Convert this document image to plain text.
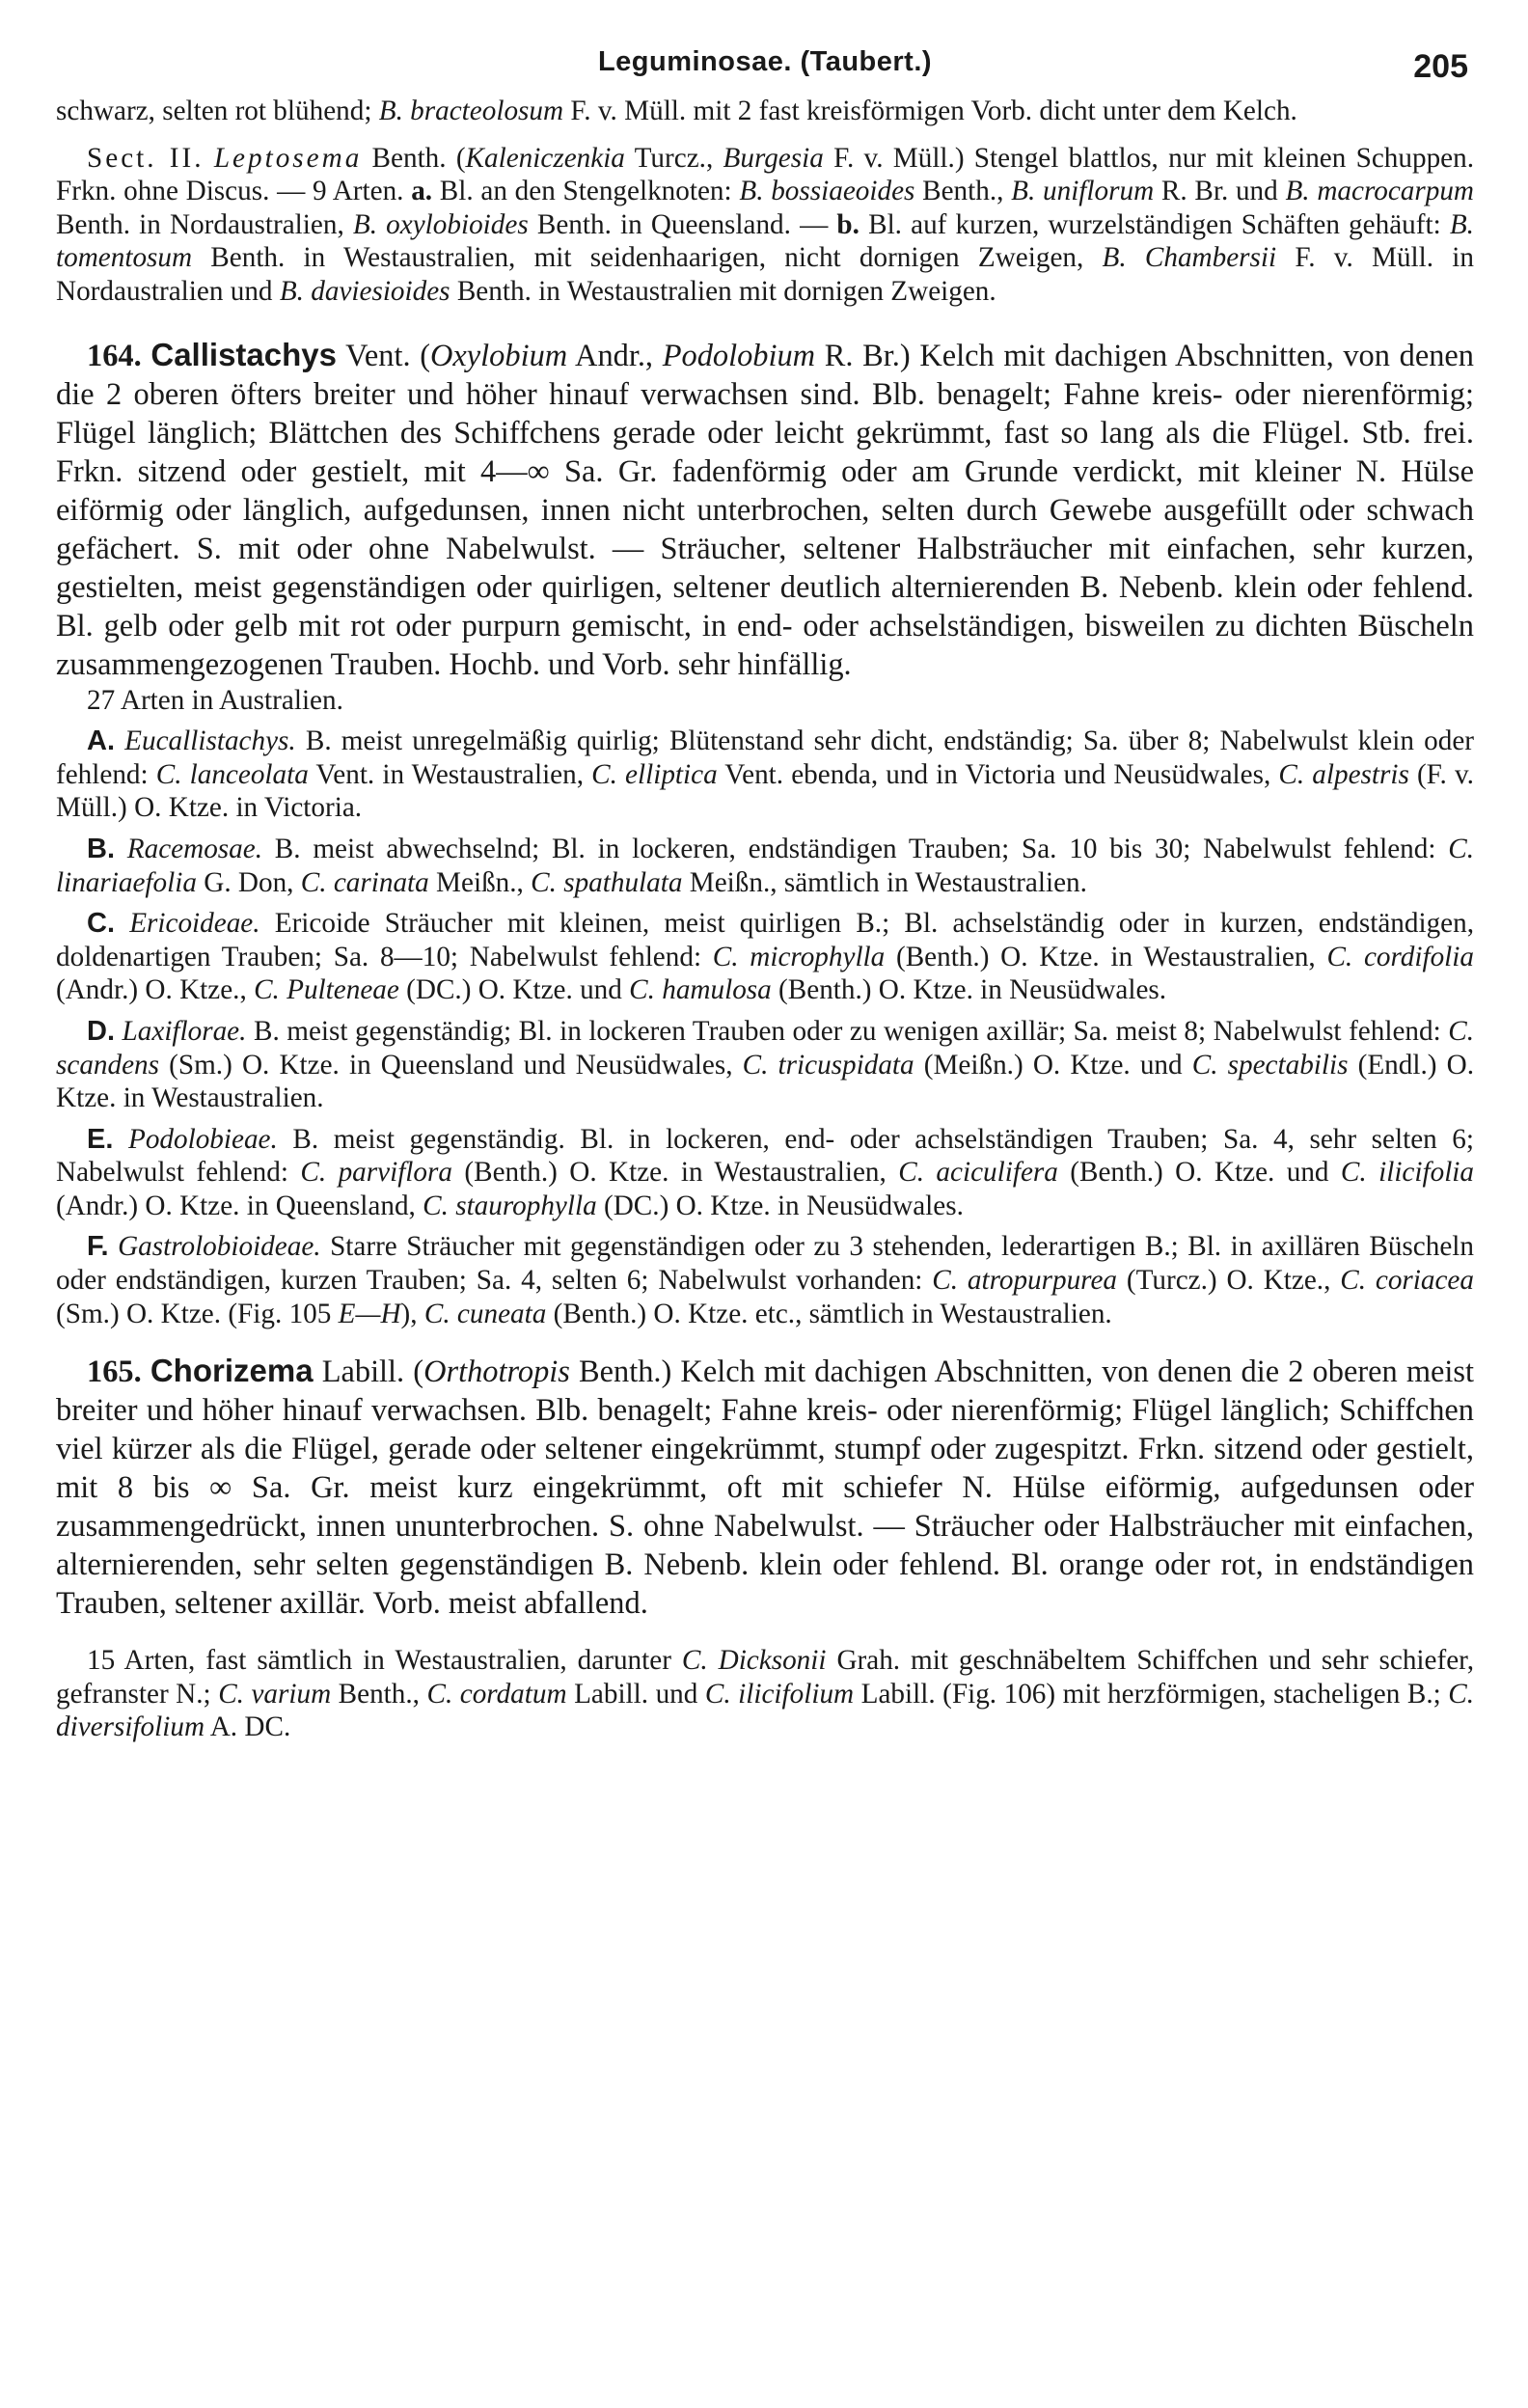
Leguminosae. (Taubert.)	205

schwarz, selten rot blühend; B. bracteolosum F. v. Müll. mit 2 fast kreisförmigen Vorb. dicht unter dem Kelch.

Sect. II. Leptosema Benth. (Kaleniczenkia Turcz., Burgesia F. v. Müll.) Stengel blattlos, nur mit kleinen Schuppen. Frkn. ohne Discus. — 9 Arten. a. Bl. an den Stengelknoten: B. bossiaeoides Benth., B. uniflorum R. Br. und B. macrocarpum Benth. in Nordaustralien, B. oxylobioides Benth. in Queensland. — b. Bl. auf kurzen, wurzelständigen Schäften gehäuft: B. tomentosum Benth. in Westaustralien, mit seidenhaarigen, nicht dornigen Zweigen, B. Chambersii F. v. Müll. in Nordaustralien und B. daviesioides Benth. in Westaustralien mit dornigen Zweigen.

164. Callistachys Vent. (Oxylobium Andr., Podolobium R. Br.) Kelch mit dachigen Abschnitten, von denen die 2 oberen öfters breiter und höher hinauf verwachsen sind. Blb. benagelt; Fahne kreis- oder nierenförmig; Flügel länglich; Blättchen des Schiffchens gerade oder leicht gekrümmt, fast so lang als die Flügel. Stb. frei. Frkn. sitzend oder gestielt, mit 4—∞ Sa. Gr. fadenförmig oder am Grunde verdickt, mit kleiner N. Hülse eiförmig oder länglich, aufgedunsen, innen nicht unterbrochen, selten durch Gewebe ausgefüllt oder schwach gefächert. S. mit oder ohne Nabelwulst. — Sträucher, seltener Halbsträucher mit einfachen, sehr kurzen, gestielten, meist gegenständigen oder quirligen, seltener deutlich alternierenden B. Nebenb. klein oder fehlend. Bl. gelb oder gelb mit rot oder purpurn gemischt, in end- oder achselständigen, bisweilen zu dichten Büscheln zusammengezogenen Trauben. Hochb. und Vorb. sehr hinfällig.

27 Arten in Australien.

A. Eucallistachys. B. meist unregelmäßig quirlig; Blütenstand sehr dicht, endständig; Sa. über 8; Nabelwulst klein oder fehlend: C. lanceolata Vent. in Westaustralien, C. elliptica Vent. ebenda, und in Victoria und Neusüdwales, C. alpestris (F. v. Müll.) O. Ktze. in Victoria.

B. Racemosae. B. meist abwechselnd; Bl. in lockeren, endständigen Trauben; Sa. 10 bis 30; Nabelwulst fehlend: C. linariaefolia G. Don, C. carinata Meißn., C. spathulata Meißn., sämtlich in Westaustralien.

C. Ericoideae. Ericoide Sträucher mit kleinen, meist quirligen B.; Bl. achselständig oder in kurzen, endständigen, doldenartigen Trauben; Sa. 8—10; Nabelwulst fehlend: C. microphylla (Benth.) O. Ktze. in Westaustralien, C. cordifolia (Andr.) O. Ktze., C. Pulteneae (DC.) O. Ktze. und C. hamulosa (Benth.) O. Ktze. in Neusüdwales.

D. Laxiflorae. B. meist gegenständig; Bl. in lockeren Trauben oder zu wenigen axillär; Sa. meist 8; Nabelwulst fehlend: C. scandens (Sm.) O. Ktze. in Queensland und Neusüdwales, C. tricuspidata (Meißn.) O. Ktze. und C. spectabilis (Endl.) O. Ktze. in Westaustralien.

E. Podolobieae. B. meist gegenständig. Bl. in lockeren, end- oder achselständigen Trauben; Sa. 4, sehr selten 6; Nabelwulst fehlend: C. parviflora (Benth.) O. Ktze. in Westaustralien, C. aciculifera (Benth.) O. Ktze. und C. ilicifolia (Andr.) O. Ktze. in Queensland, C. staurophylla (DC.) O. Ktze. in Neusüdwales.

F. Gastrolobioideae. Starre Sträucher mit gegenständigen oder zu 3 stehenden, lederartigen B.; Bl. in axillären Büscheln oder endständigen, kurzen Trauben; Sa. 4, selten 6; Nabelwulst vorhanden: C. atropurpurea (Turcz.) O. Ktze., C. coriacea (Sm.) O. Ktze. (Fig. 105 E—H), C. cuneata (Benth.) O. Ktze. etc., sämtlich in Westaustralien.

165. Chorizema Labill. (Orthotropis Benth.) Kelch mit dachigen Abschnitten, von denen die 2 oberen meist breiter und höher hinauf verwachsen. Blb. benagelt; Fahne kreis- oder nierenförmig; Flügel länglich; Schiffchen viel kürzer als die Flügel, gerade oder seltener eingekrümmt, stumpf oder zugespitzt. Frkn. sitzend oder gestielt, mit 8 bis ∞ Sa. Gr. meist kurz eingekrümmt, oft mit schiefer N. Hülse eiförmig, aufgedunsen oder zusammengedrückt, innen ununterbrochen. S. ohne Nabelwulst. — Sträucher oder Halbsträucher mit einfachen, alternierenden, sehr selten gegenständigen B. Nebenb. klein oder fehlend. Bl. orange oder rot, in endständigen Trauben, seltener axillär. Vorb. meist abfallend.

15 Arten, fast sämtlich in Westaustralien, darunter C. Dicksonii Grah. mit geschnäbeltem Schiffchen und sehr schiefer, gefranster N.; C. varium Benth., C. cordatum Labill. und C. ilicifolium Labill. (Fig. 106) mit herzförmigen, stacheligen B.; C. diversifolium A. DC.
